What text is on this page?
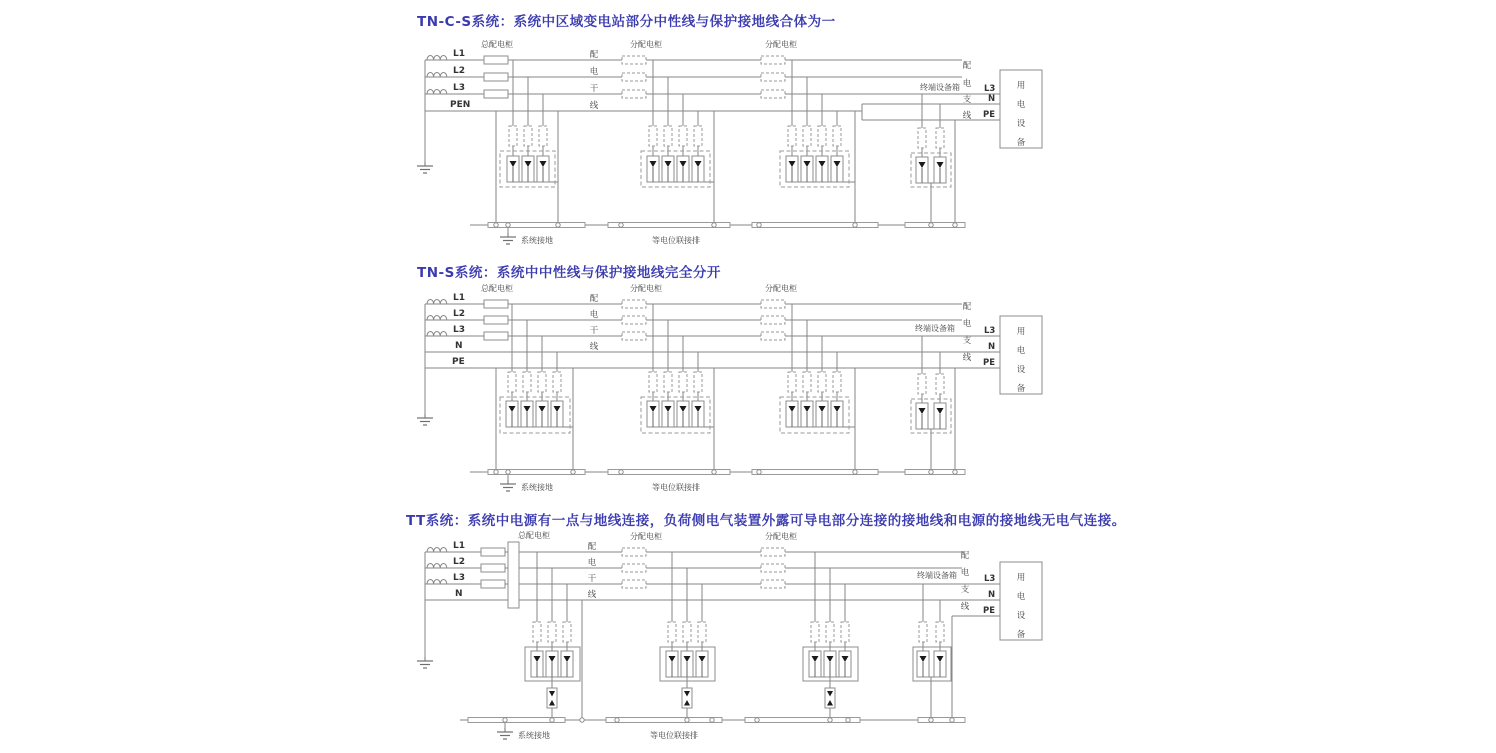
TN-C-S系统：系统中区域变电站部分中性线与保护接地线合体为一
TN-S系统：系统中中性线与保护接地线完全分开
TT系统：系统中电源有一点与地线连接，负荷侧电气装置外露可导电部分连接的接地线和电源的接地线无电气连接。
L1
L2
L3
PEN
总配电柜	分配电柜	分配电柜
配
电
干
线
终端设备箱
配
电
支
线
L3
N
PE
用
电
设
备
系统接地	等电位联接排
L1
L2
L3
N
PE
总配电柜	分配电柜	分配电柜
配
电
干
线
终端设备箱
配
电
支
线
L3
N
PE
用
电
设
备
系统接地	等电位联接排
L1
L2
L3
N
总配电柜	分配电柜	分配电柜
配
电
干
线
终端设备箱
配
电
支
线
L3
N
PE
用
电
设
备
系统接地	等电位联接排
